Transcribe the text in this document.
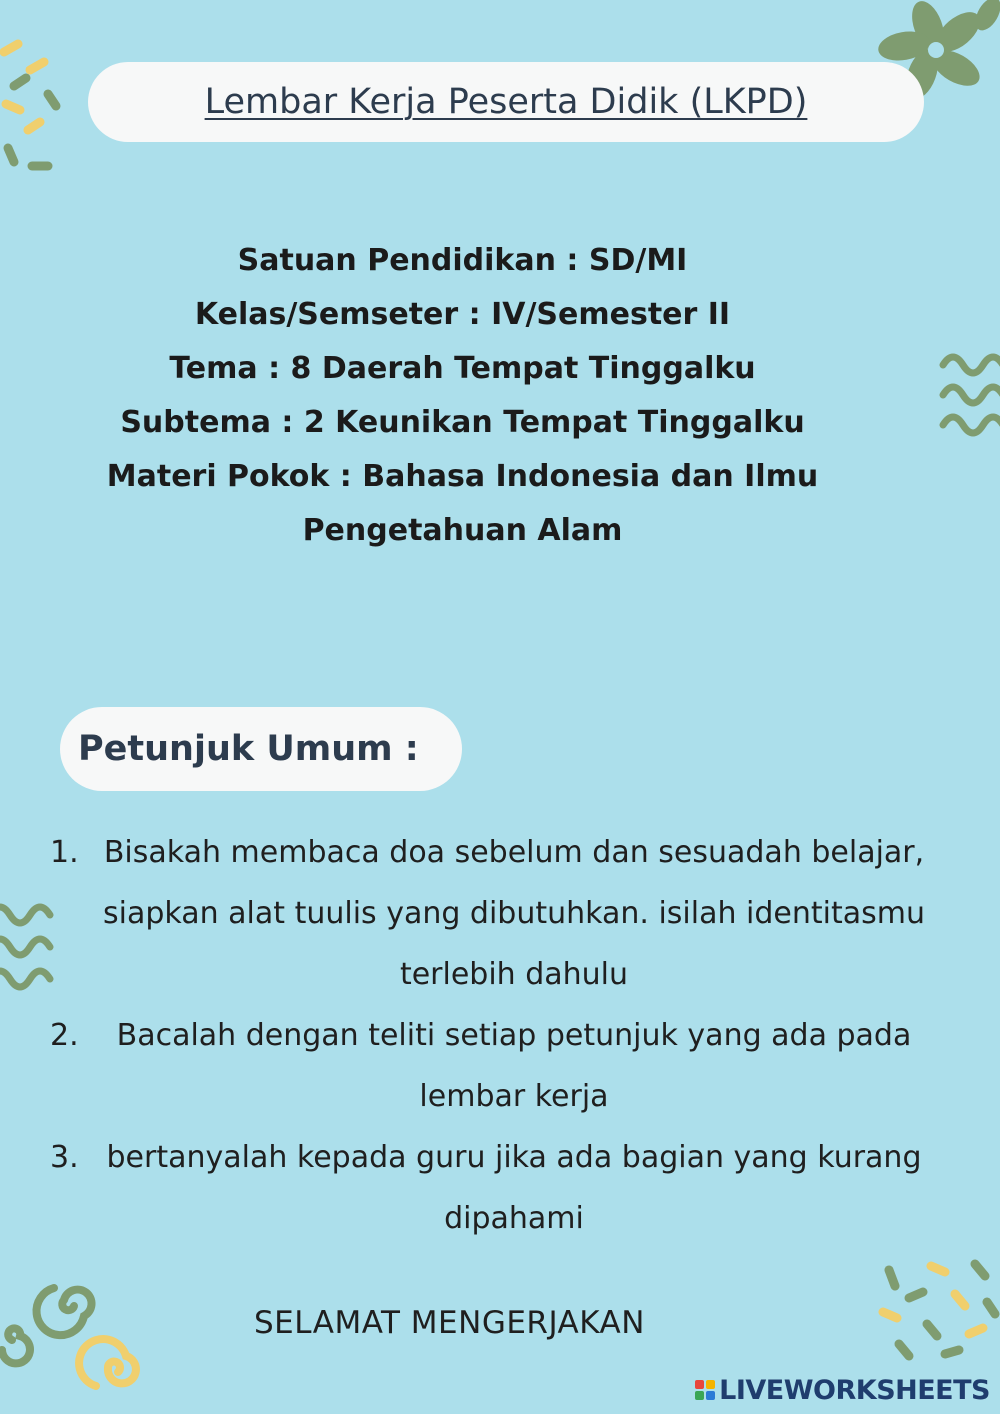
Lembar Kerja Peserta Didik (LKPD)
Satuan Pendidikan : SD/MI
Kelas/Semseter : IV/Semester II
Tema : 8 Daerah Tempat Tinggalku
Subtema : 2 Keunikan Tempat Tinggalku
Materi Pokok : Bahasa Indonesia dan Ilmu Pengetahuan Alam
Petunjuk Umum :
1. Bisakah membaca doa sebelum dan sesuadah belajar, siapkan alat tuulis yang dibutuhkan. isilah identitasmu terlebih dahulu
2.	Bacalah dengan teliti setiap petunjuk yang ada pada lembar kerja
3. bertanyalah kepada guru jika ada bagian yang kurang dipahami
SELAMAT MENGERJAKAN
LIVEWORKSHEETS
